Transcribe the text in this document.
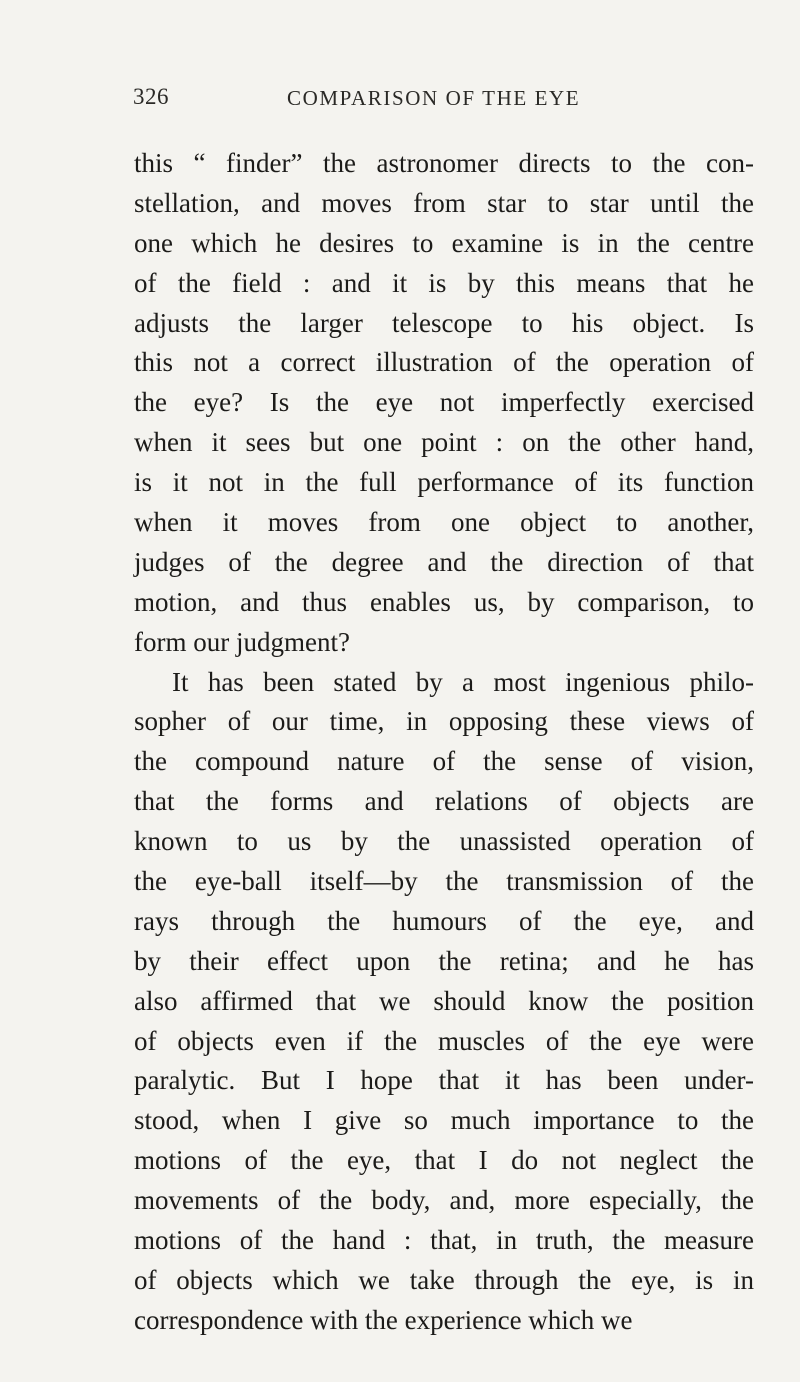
326	COMPARISON OF THE EYE
this “ finder” the astronomer directs to the con-
stellation, and moves from star to star until the
one which he desires to examine is in the centre
of the field : and it is by this means that he
adjusts the larger telescope to his object. Is
this not a correct illustration of the operation of
the eye? Is the eye not imperfectly exercised
when it sees but one point : on the other hand,
is it not in the full performance of its function
when it moves from one object to another,
judges of the degree and the direction of that
motion, and thus enables us, by comparison, to
form our judgment?
It has been stated by a most ingenious philo-
sopher of our time, in opposing these views of
the compound nature of the sense of vision,
that the forms and relations of objects are
known to us by the unassisted operation of
the eye-ball itself—by the transmission of the
rays through the humours of the eye, and
by their effect upon the retina; and he has
also affirmed that we should know the position
of objects even if the muscles of the eye were
paralytic. But I hope that it has been under-
stood, when I give so much importance to the
motions of the eye, that I do not neglect the
movements of the body, and, more especially, the
motions of the hand : that, in truth, the measure
of objects which we take through the eye, is in
correspondence with the experience which we
